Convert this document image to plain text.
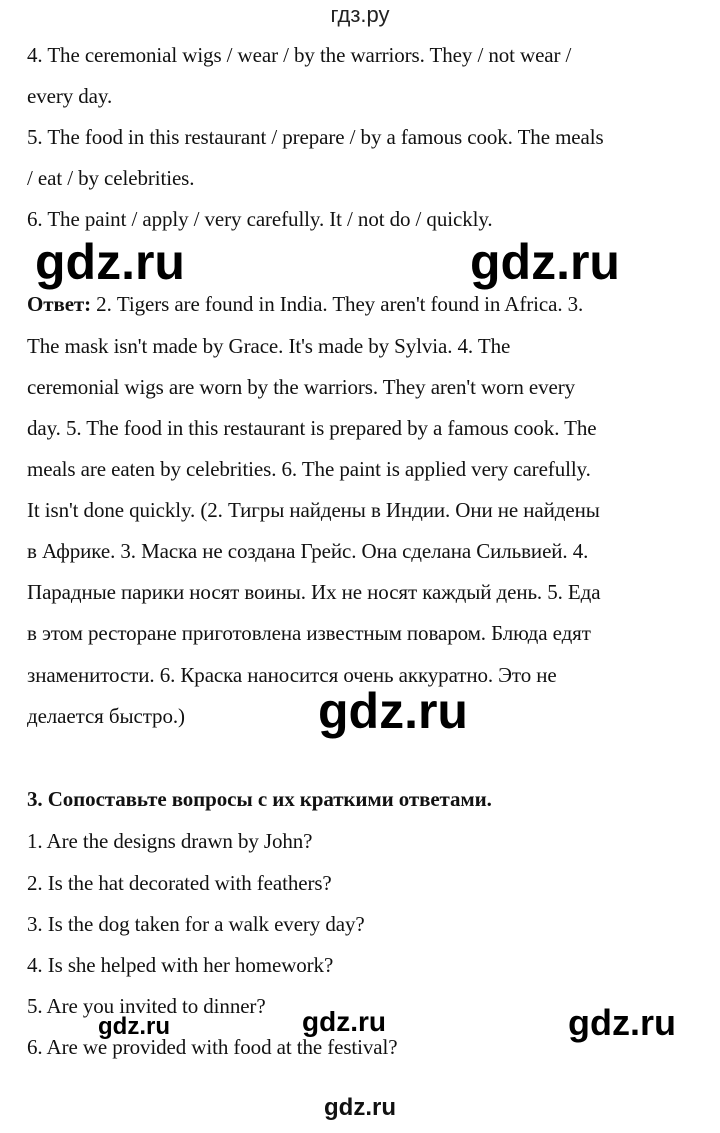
гдз.ру
4. The ceremonial wigs / wear / by the warriors. They / not wear /
every day.
5. The food in this restaurant / prepare / by a famous cook. The meals
/ eat / by celebrities.
6. The paint / apply / very carefully. It / not do / quickly.
gdz.ru	gdz.ru
Ответ: 2. Tigers are found in India. They aren't found in Africa. 3.
The mask isn't made by Grace. It's made by Sylvia. 4. The
ceremonial wigs are worn by the warriors. They aren't worn every
day. 5. The food in this restaurant is prepared by a famous cook. The
meals are eaten by celebrities. 6. The paint is applied very carefully.
It isn't done quickly. (2. Тигры найдены в Индии. Они не найдены
в Африке. 3. Маска не создана Грейс. Она сделана Сильвией. 4.
Парадные парики носят воины. Их не носят каждый день. 5. Еда
в этом ресторане приготовлена известным поваром. Блюда едят
знаменитости. 6. Краска наносится очень аккуратно. Это не
делается быстро.)	gdz.ru
3. Сопоставьте вопросы с их краткими ответами.
1. Are the designs drawn by John?
2. Is the hat decorated with feathers?
3. Is the dog taken for a walk every day?
4. Is she helped with her homework?
5. Are you invited to dinner?
6. Are we provided with food at the festival?
gdz.ru	gdz.ru	gdz.ru
gdz.ru
